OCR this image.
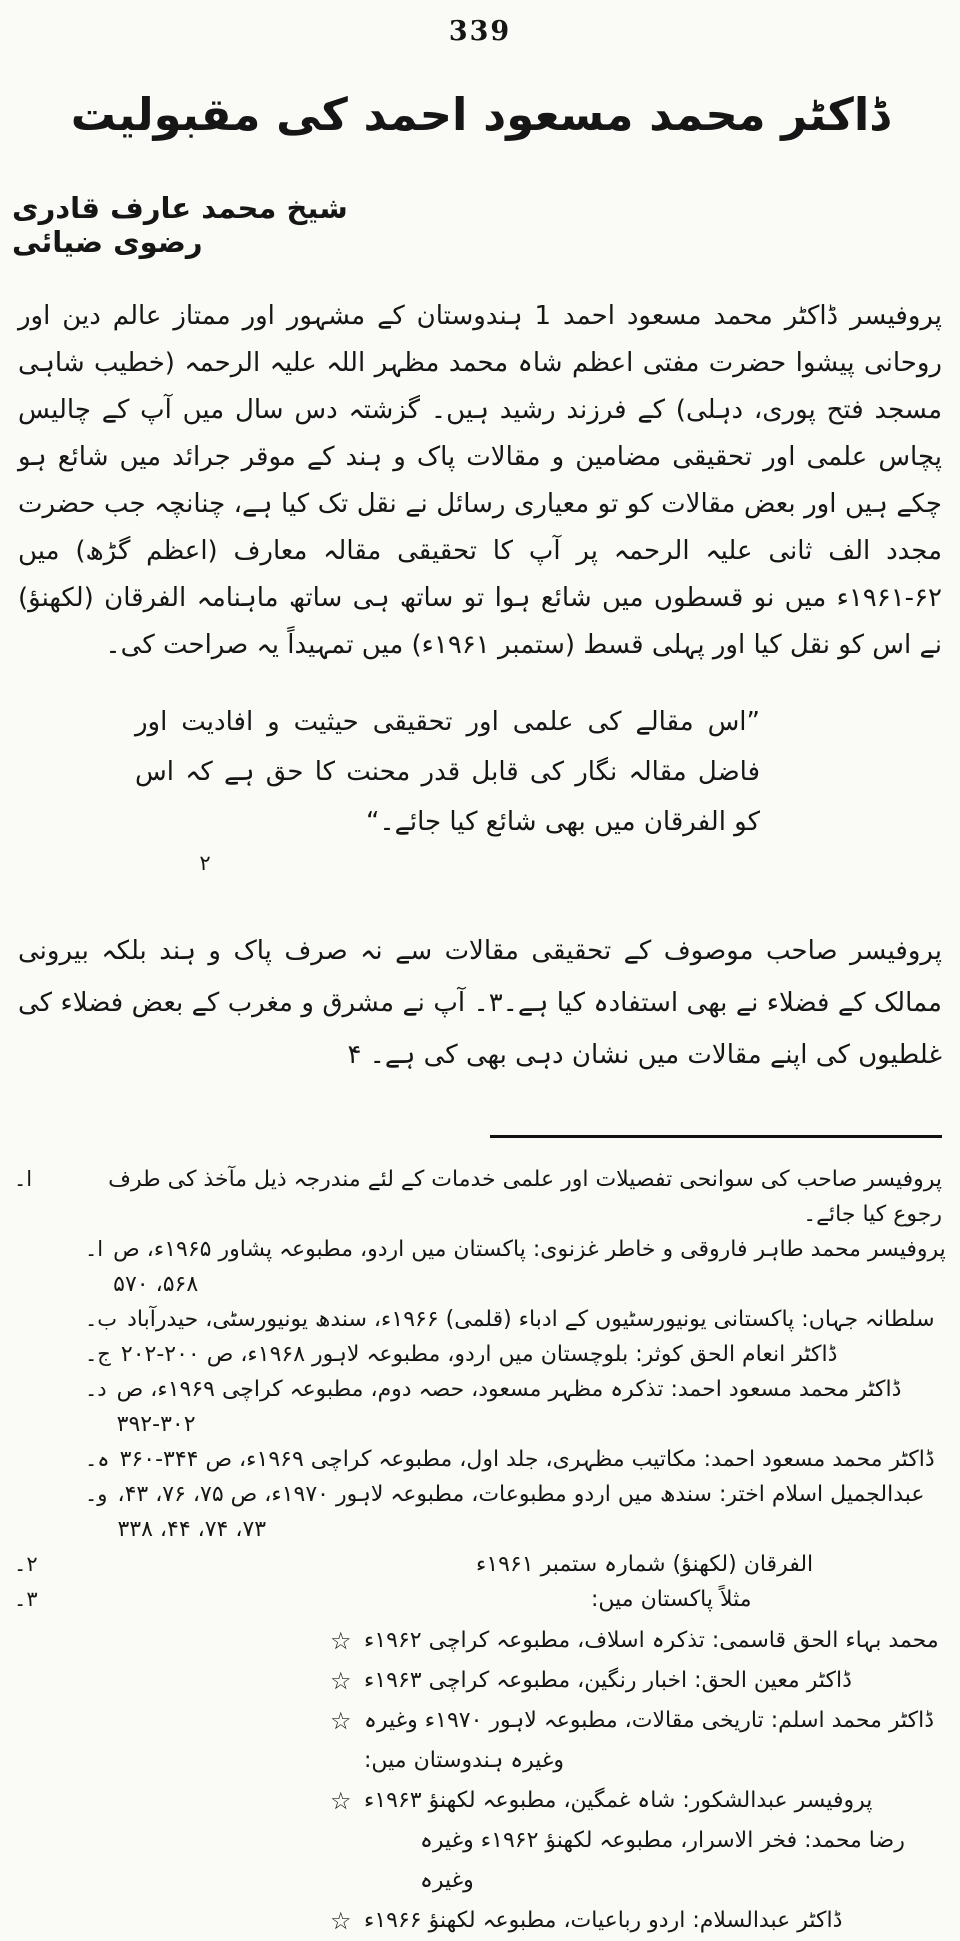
339
ڈاکٹر محمد مسعود احمد کی مقبولیت
شیخ محمد عارف قادری رضوی ضیائی
پروفیسر ڈاکٹر محمد مسعود احمد 1 ہندوستان کے مشہور اور ممتاز عالم دین اور روحانی پیشوا حضرت مفتی اعظم شاہ محمد مظہر اللہ علیہ الرحمہ (خطیب شاہی مسجد فتح پوری، دہلی) کے فرزند رشید ہیں۔ گزشتہ دس سال میں آپ کے چالیس پچاس علمی اور تحقیقی مضامین و مقالات پاک و ہند کے موقر جرائد میں شائع ہو چکے ہیں اور بعض مقالات کو تو معیاری رسائل نے نقل تک کیا ہے، چنانچہ جب حضرت مجدد الف ثانی علیہ الرحمہ پر آپ کا تحقیقی مقالہ معارف (اعظم گڑھ) میں ۶۲-۱۹۶۱ء میں نو قسطوں میں شائع ہوا تو ساتھ ہی ساتھ ماہنامہ الفرقان (لکھنؤ) نے اس کو نقل کیا اور پہلی قسط (ستمبر ۱۹۶۱ء) میں تمہیداً یہ صراحت کی۔
”اس مقالے کی علمی اور تحقیقی حیثیت و افادیت اور فاضل مقالہ نگار کی قابل قدر محنت کا حق ہے کہ اس کو الفرقان میں بھی شائع کیا جائے۔“
۲
پروفیسر صاحب موصوف کے تحقیقی مقالات سے نہ صرف پاک و ہند بلکہ بیرونی ممالک کے فضلاء نے بھی استفادہ کیا ہے۔۳۔ آپ نے مشرق و مغرب کے بعض فضلاء کی غلطیوں کی اپنے مقالات میں نشان دہی بھی کی ہے۔ ۴
ا۔	پروفیسر صاحب کی سوانحی تفصیلات اور علمی خدمات کے لئے مندرجہ ذیل مآخذ کی طرف رجوع کیا جائے۔
ا۔ پروفیسر محمد طاہر فاروقی و خاطر غزنوی: پاکستان میں اردو، مطبوعہ پشاور ۱۹۶۵ء، ص ۵۶۸، ۵۷۰
ب۔ سلطانہ جہاں: پاکستانی یونیورسٹیوں کے ادباء (قلمی) ۱۹۶۶ء، سندھ یونیورسٹی، حیدرآباد
ج۔ ڈاکٹر انعام الحق کوثر: بلوچستان میں اردو، مطبوعہ لاہور ۱۹۶۸ء، ص ۲۰۰-۲۰۲
د۔ ڈاکٹر محمد مسعود احمد: تذکرہ مظہر مسعود، حصہ دوم، مطبوعہ کراچی ۱۹۶۹ء، ص ۳۰۲-۳۹۲
ہ۔ ڈاکٹر محمد مسعود احمد: مکاتیب مظہری، جلد اول، مطبوعہ کراچی ۱۹۶۹ء، ص ۳۴۴-۳۶۰
و۔ عبدالجمیل اسلام اختر: سندھ میں اردو مطبوعات، مطبوعہ لاہور ۱۹۷۰ء، ص ۷۵، ۷۶، ۴۳، ۷۳، ۷۴، ۴۴، ۳۳۸
۲۔	الفرقان (لکھنؤ) شمارہ ستمبر ۱۹۶۱ء
۳۔	مثلاً پاکستان میں:
☆ محمد بہاء الحق قاسمی: تذکرہ اسلاف، مطبوعہ کراچی ۱۹۶۲ء
☆ ڈاکٹر معین الحق: اخبار رنگین، مطبوعہ کراچی ۱۹۶۳ء
☆ ڈاکٹر محمد اسلم: تاریخی مقالات، مطبوعہ لاہور ۱۹۷۰ء وغیرہ وغیرہ ہندوستان میں:
☆ پروفیسر عبدالشکور: شاہ غمگین، مطبوعہ لکھنؤ ۱۹۶۳ء
رضا محمد: فخر الاسرار، مطبوعہ لکھنؤ ۱۹۶۲ء وغیرہ وغیرہ
☆ ڈاکٹر عبدالسلام: اردو رباعیات، مطبوعہ لکھنؤ ۱۹۶۶ء
